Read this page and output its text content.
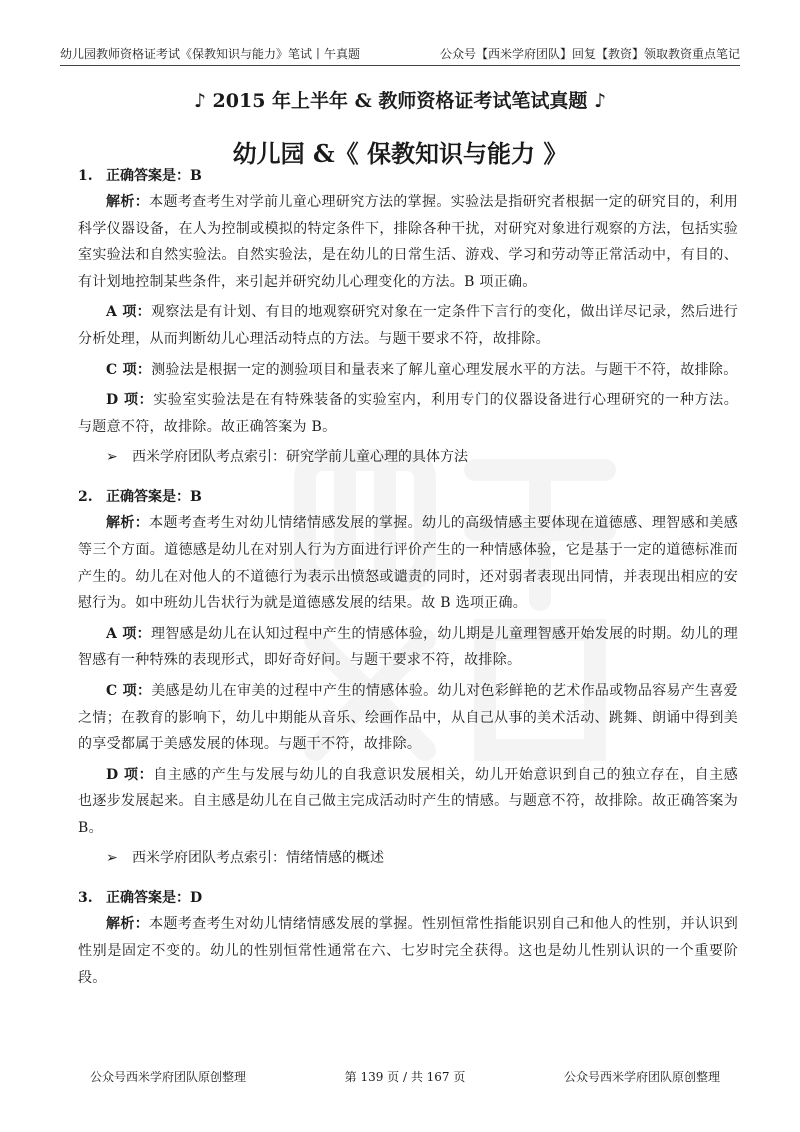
幼儿园教师资格证考试《保教知识与能力》笔试丨午真题	公众号【西米学府团队】回复【教资】领取教资重点笔记
♪ 2015 年上半年 & 教师资格证考试笔试真题 ♪
幼儿园 &《 保教知识与能力 》
1. 正确答案是：B

解析：本题考查考生对学前儿童心理研究方法的掌握。实验法是指研究者根据一定的研究目的，利用科学仪器设备，在人为控制或模拟的特定条件下，排除各种干扰，对研究对象进行观察的方法，包括实验室实验法和自然实验法。自然实验法，是在幼儿的日常生活、游戏、学习和劳动等正常活动中，有目的、有计划地控制某些条件，来引起并研究幼儿心理变化的方法。B 项正确。

A 项：观察法是有计划、有目的地观察研究对象在一定条件下言行的变化，做出详尽记录，然后进行分析处理，从而判断幼儿心理活动特点的方法。与题干要求不符，故排除。

C 项：测验法是根据一定的测验项目和量表来了解儿童心理发展水平的方法。与题干不符，故排除。

D 项：实验室实验法是在有特殊装备的实验室内，利用专门的仪器设备进行心理研究的一种方法。与题意不符，故排除。故正确答案为 B。

➢ 西米学府团队考点索引：研究学前儿童心理的具体方法
2. 正确答案是：B

解析：本题考查考生对幼儿情绪情感发展的掌握。幼儿的高级情感主要体现在道德感、理智感和美感等三个方面。道德感是幼儿在对别人行为方面进行评价产生的一种情感体验，它是基于一定的道德标准而产生的。幼儿在对他人的不道德行为表示出愤怒或谴责的同时，还对弱者表现出同情，并表现出相应的安慰行为。如中班幼儿告状行为就是道德感发展的结果。故 B 选项正确。

A 项：理智感是幼儿在认知过程中产生的情感体验，幼儿期是儿童理智感开始发展的时期。幼儿的理智感有一种特殊的表现形式，即好奇好问。与题干要求不符，故排除。

C 项：美感是幼儿在审美的过程中产生的情感体验。幼儿对色彩鲜艳的艺术作品或物品容易产生喜爱之情；在教育的影响下，幼儿中期能从音乐、绘画作品中，从自己从事的美术活动、跳舞、朗诵中得到美的享受都属于美感发展的体现。与题干不符，故排除。

D 项：自主感的产生与发展与幼儿的自我意识发展相关，幼儿开始意识到自己的独立存在，自主感也逐步发展起来。自主感是幼儿在自己做主完成活动时产生的情感。与题意不符，故排除。故正确答案为 B。

➢ 西米学府团队考点索引：情绪情感的概述
3. 正确答案是：D

解析：本题考查考生对幼儿情绪情感发展的掌握。性别恒常性指能识别自己和他人的性别，并认识到性别是固定不变的。幼儿的性别恒常性通常在六、七岁时完全获得。这也是幼儿性别认识的一个重要阶段。

公众号西米学府团队原创整理	第 139 页 / 共 167 页	公众号西米学府团队原创整理
